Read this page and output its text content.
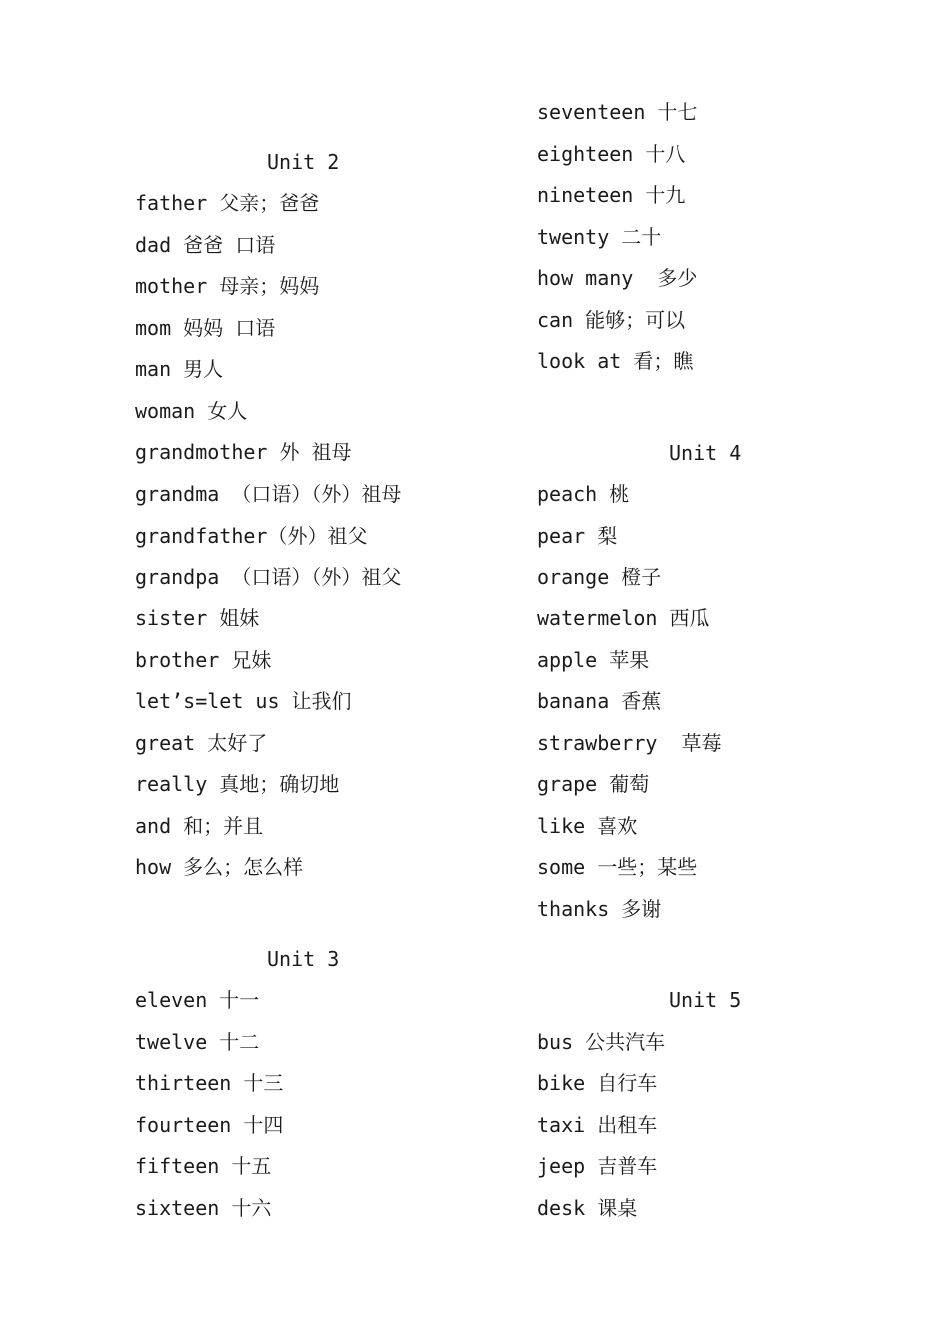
Unit 2
father 父亲；爸爸
dad 爸爸 口语
mother 母亲；妈妈
mom 妈妈 口语
man 男人
woman 女人
grandmother 外 祖母
grandma （口语）（外）祖母
grandfather（外）祖父
grandpa （口语）（外）祖父
sister 姐妹
brother 兄妹
let’s=let us 让我们
great 太好了
really 真地；确切地
and 和；并且
how 多么；怎么样
Unit 3
eleven 十一
twelve 十二
thirteen 十三
fourteen 十四
fifteen 十五
sixteen 十六
seventeen 十七
eighteen 十八
nineteen 十九
twenty 二十
how many  多少
can 能够；可以
look at 看；瞧
Unit 4
peach 桃
pear 梨
orange 橙子
watermelon 西瓜
apple 苹果
banana 香蕉
strawberry  草莓
grape 葡萄
like 喜欢
some 一些；某些
thanks 多谢
Unit 5
bus 公共汽车
bike 自行车
taxi 出租车
jeep 吉普车
desk 课桌
